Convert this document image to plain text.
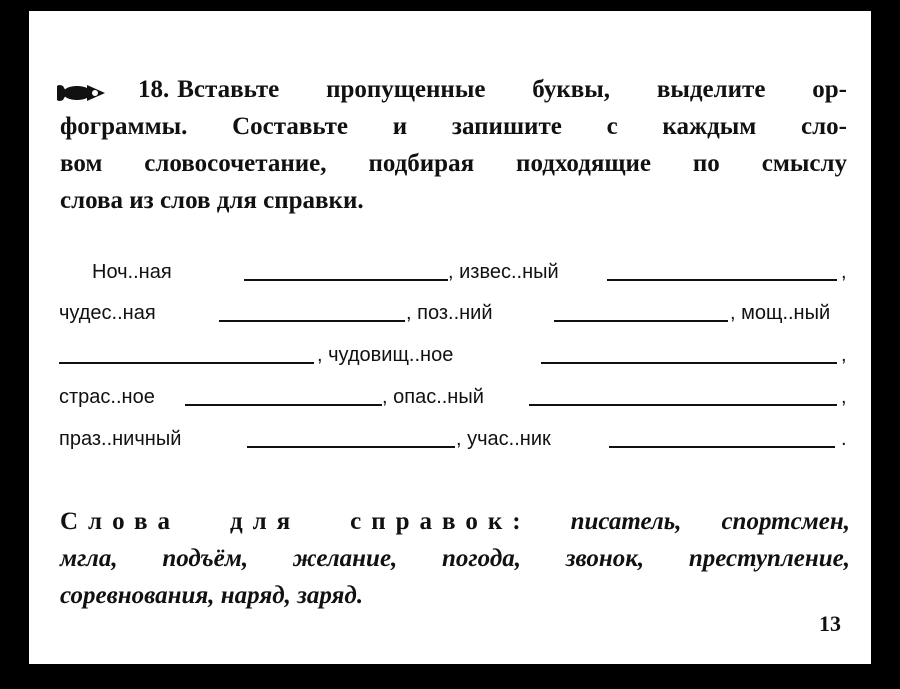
18. Вставьте пропущенные буквы, выделите ор-
фограммы. Составьте и запишите с каждым сло-
вом словосочетание, подбирая подходящие по смыслу
слова из слов для справки.
Ноч..ная	, извес..ный	,
чудес..ная	, поз..ний	, мощ..ный
, чудовищ..ное	,
страс..ное	, опас..ный	,
праз..ничный	, учас..ник	.
Слова для справок: писатель, спортсмен,
мгла, подъём, желание, погода, звонок, преступление,
соревнования, наряд, заряд.
13
